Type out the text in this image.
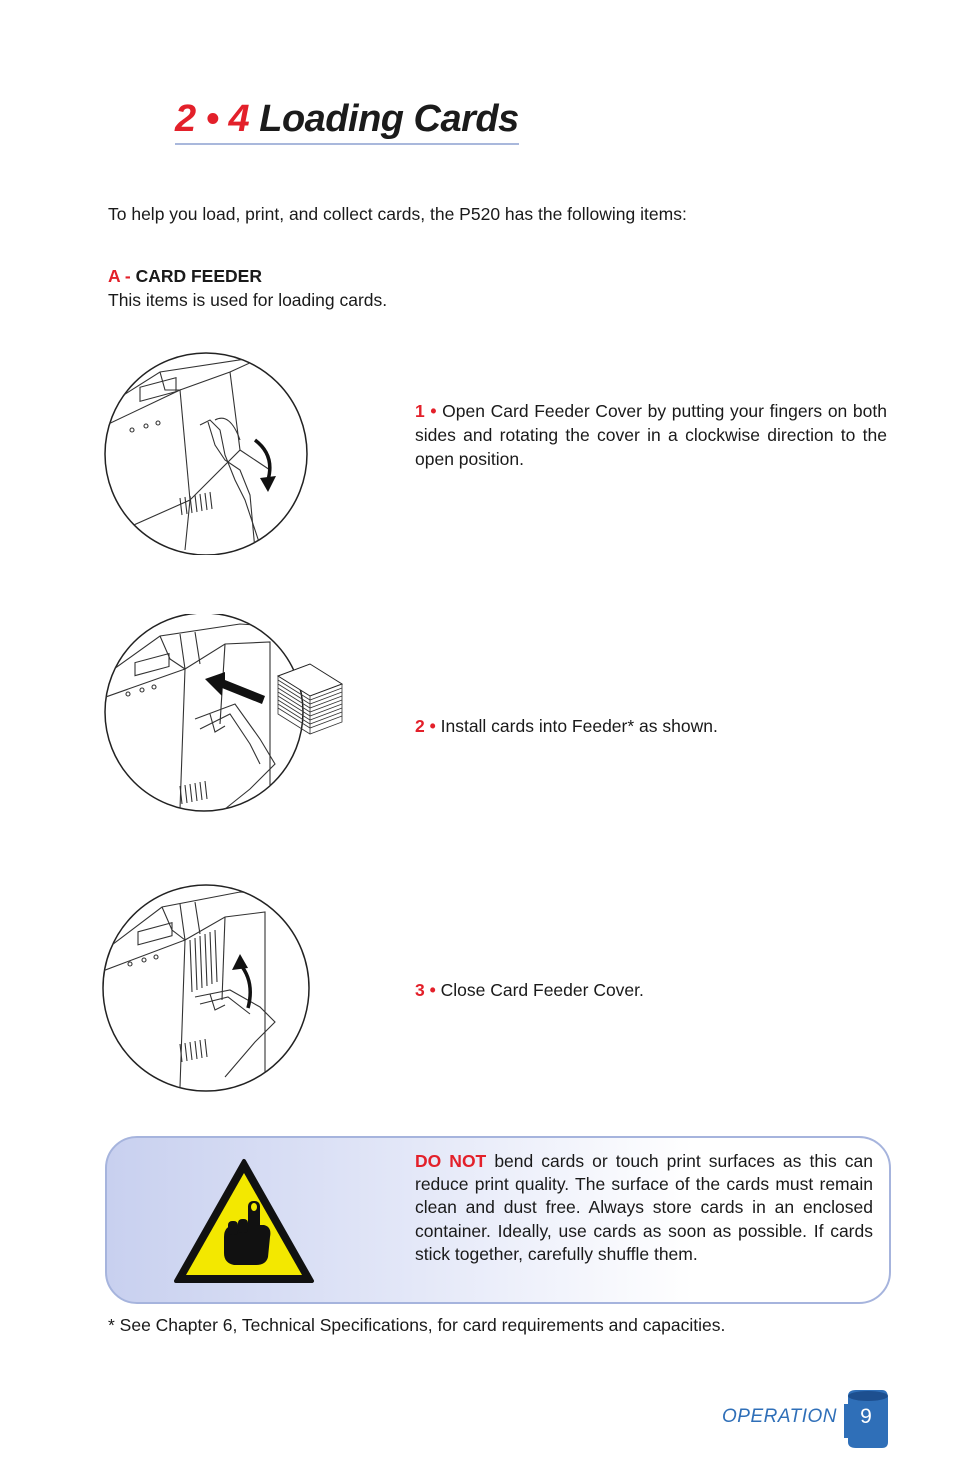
2 • 4 Loading Cards
To help you load, print, and collect cards, the P520 has the following items:
A - CARD FEEDER
This items is used for loading cards.
1 • Open Card Feeder Cover by putting your fingers on both sides and rotating the cover in a clockwise direction to the open position.
2 • Install cards into Feeder* as shown.
3 • Close Card Feeder Cover.
DO NOT bend cards or touch print surfaces as this can reduce print quality. The surface of the cards must remain clean and dust free. Always store cards in an enclosed container. Ideally, use cards as soon as possible. If cards stick together, carefully shuffle them.
* See Chapter 6, Technical Specifications, for card requirements and capacities.
OPERATION 9
